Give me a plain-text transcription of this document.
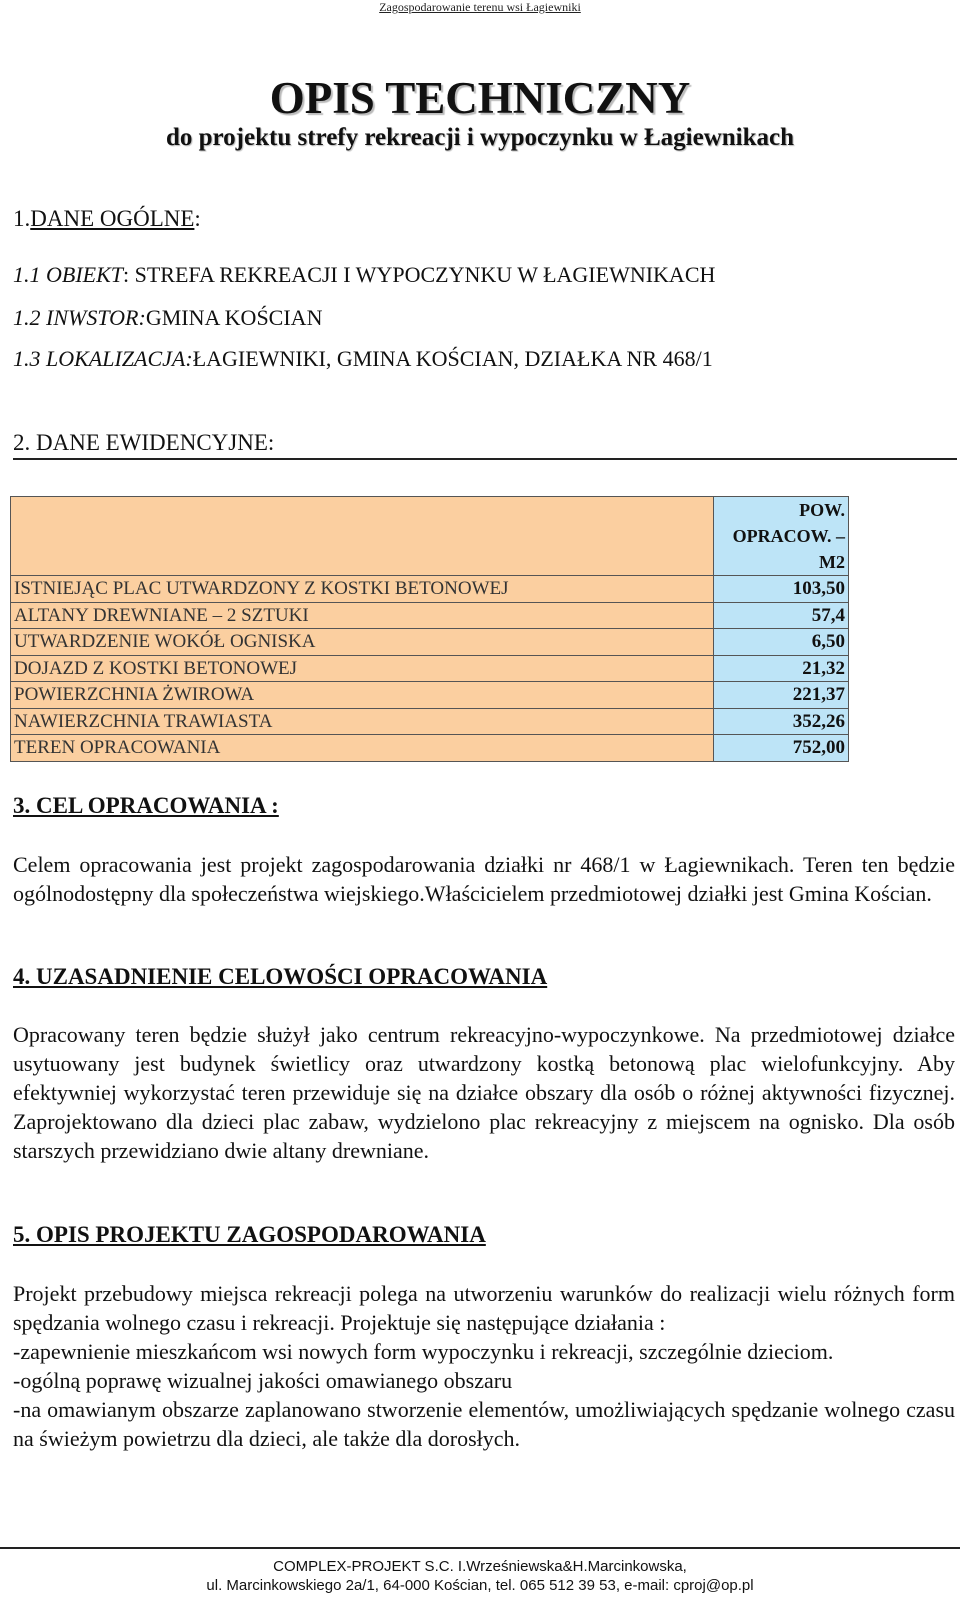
Zagospodarowanie terenu wsi Łagiewniki
OPIS TECHNICZNY
do projektu strefy rekreacji i wypoczynku w Łagiewnikach
1.DANE OGÓLNE:
1.1 OBIEKT: STREFA REKREACJI I WYPOCZYNKU W ŁAGIEWNIKACH
1.2 INWSTOR:GMINA KOŚCIAN
1.3 LOKALIZACJA:ŁAGIEWNIKI, GMINA KOŚCIAN, DZIAŁKA NR 468/1
2. DANE EWIDENCYJNE:

	POW.
OPRACOW. –
M2

ISTNIEJĄC PLAC UTWARDZONY Z KOSTKI BETONOWEJ	103,50
ALTANY DREWNIANE – 2 SZTUKI	57,4
UTWARDZENIE WOKÓŁ OGNISKA	6,50
DOJAZD Z KOSTKI BETONOWEJ	21,32
POWIERZCHNIA ŻWIROWA	221,37
NAWIERZCHNIA TRAWIASTA	352,26
TEREN OPRACOWANIA	752,00
3. CEL OPRACOWANIA :

Celem opracowania jest projekt zagospodarowania działki nr 468/1 w Łagiewnikach. Teren ten będzie ogólnodostępny dla społeczeństwa wiejskiego.Właścicielem przedmiotowej działki jest Gmina Kościan.

4. UZASADNIENIE CELOWOŚCI OPRACOWANIA

Opracowany teren będzie służył jako centrum rekreacyjno-wypoczynkowe. Na przedmiotowej działce usytuowany jest budynek świetlicy oraz utwardzony kostką betonową plac wielofunkcyjny. Aby efektywniej wykorzystać teren przewiduje się na działce obszary dla osób o różnej aktywności fizycznej. Zaprojektowano dla dzieci plac zabaw, wydzielono plac rekreacyjny z miejscem na ognisko. Dla osób starszych przewidziano dwie altany drewniane.

5. OPIS PROJEKTU ZAGOSPODAROWANIA

Projekt przebudowy miejsca rekreacji polega na utworzeniu warunków do realizacji wielu różnych form spędzania wolnego czasu i rekreacji. Projektuje się następujące działania :

-zapewnienie mieszkańcom wsi nowych form wypoczynku i rekreacji, szczególnie dzieciom.

-ogólną poprawę wizualnej jakości omawianego obszaru

-na omawianym obszarze zaplanowano stworzenie elementów, umożliwiających spędzanie wolnego czasu na świeżym powietrzu dla dzieci, ale także dla dorosłych.

COMPLEX-PROJEKT S.C. I.Wrześniewska&H.Marcinkowska,
ul. Marcinkowskiego 2a/1, 64-000 Kościan, tel. 065 512 39 53, e-mail: cproj@op.pl
